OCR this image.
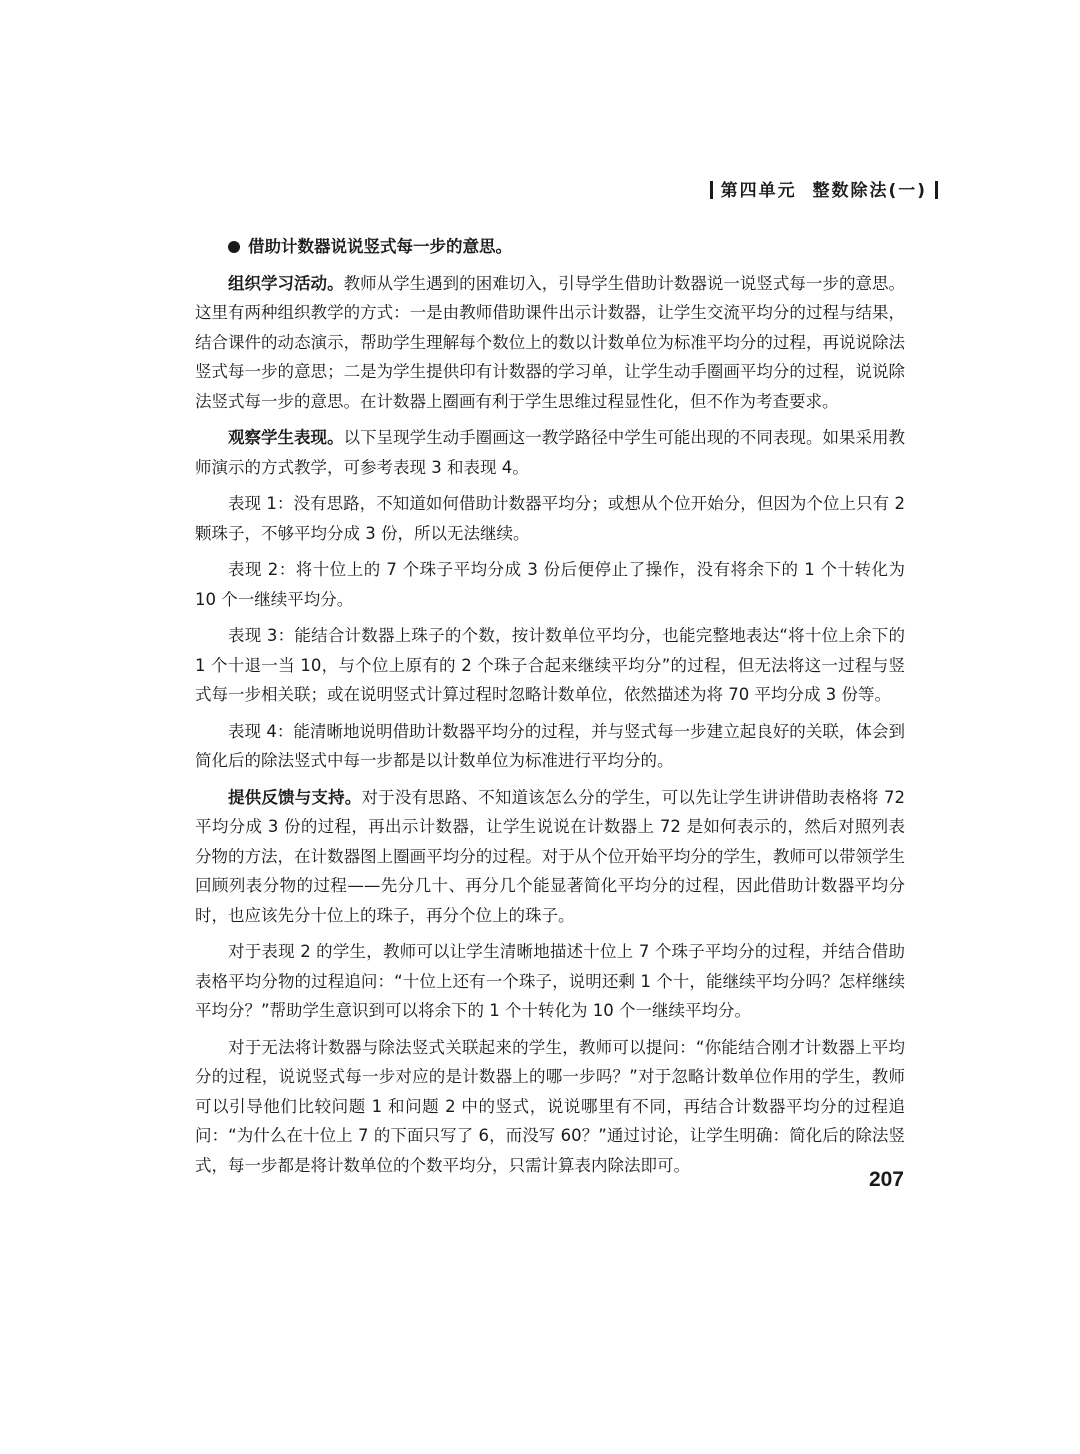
第四单元 整数除法(一)

借助计数器说说竖式每一步的意思。

组织学习活动。教师从学生遇到的困难切入，引导学生借助计数器说一说竖式每一步的意思。这里有两种组织教学的方式：一是由教师借助课件出示计数器，让学生交流平均分的过程与结果，结合课件的动态演示，帮助学生理解每个数位上的数以计数单位为标准平均分的过程，再说说除法竖式每一步的意思；二是为学生提供印有计数器的学习单，让学生动手圈画平均分的过程，说说除法竖式每一步的意思。在计数器上圈画有利于学生思维过程显性化，但不作为考查要求。

观察学生表现。以下呈现学生动手圈画这一教学路径中学生可能出现的不同表现。如果采用教师演示的方式教学，可参考表现 3 和表现 4。

表现 1：没有思路，不知道如何借助计数器平均分；或想从个位开始分，但因为个位上只有 2 颗珠子，不够平均分成 3 份，所以无法继续。

表现 2：将十位上的 7 个珠子平均分成 3 份后便停止了操作，没有将余下的 1 个十转化为 10 个一继续平均分。

表现 3：能结合计数器上珠子的个数，按计数单位平均分，也能完整地表达“将十位上余下的 1 个十退一当 10，与个位上原有的 2 个珠子合起来继续平均分”的过程，但无法将这一过程与竖式每一步相关联；或在说明竖式计算过程时忽略计数单位，依然描述为将 70 平均分成 3 份等。

表现 4：能清晰地说明借助计数器平均分的过程，并与竖式每一步建立起良好的关联，体会到简化后的除法竖式中每一步都是以计数单位为标准进行平均分的。

提供反馈与支持。对于没有思路、不知道该怎么分的学生，可以先让学生讲讲借助表格将 72 平均分成 3 份的过程，再出示计数器，让学生说说在计数器上 72 是如何表示的，然后对照列表分物的方法，在计数器图上圈画平均分的过程。对于从个位开始平均分的学生，教师可以带领学生回顾列表分物的过程——先分几十、再分几个能显著简化平均分的过程，因此借助计数器平均分时，也应该先分十位上的珠子，再分个位上的珠子。

对于表现 2 的学生，教师可以让学生清晰地描述十位上 7 个珠子平均分的过程，并结合借助表格平均分物的过程追问：“十位上还有一个珠子，说明还剩 1 个十，能继续平均分吗？怎样继续平均分？”帮助学生意识到可以将余下的 1 个十转化为 10 个一继续平均分。

对于无法将计数器与除法竖式关联起来的学生，教师可以提问：“你能结合刚才计数器上平均分的过程，说说竖式每一步对应的是计数器上的哪一步吗？”对于忽略计数单位作用的学生，教师可以引导他们比较问题 1 和问题 2 中的竖式，说说哪里有不同，再结合计数器平均分的过程追问：“为什么在十位上 7 的下面只写了 6，而没写 60？”通过讨论，让学生明确：简化后的除法竖式，每一步都是将计数单位的个数平均分，只需计算表内除法即可。

207
